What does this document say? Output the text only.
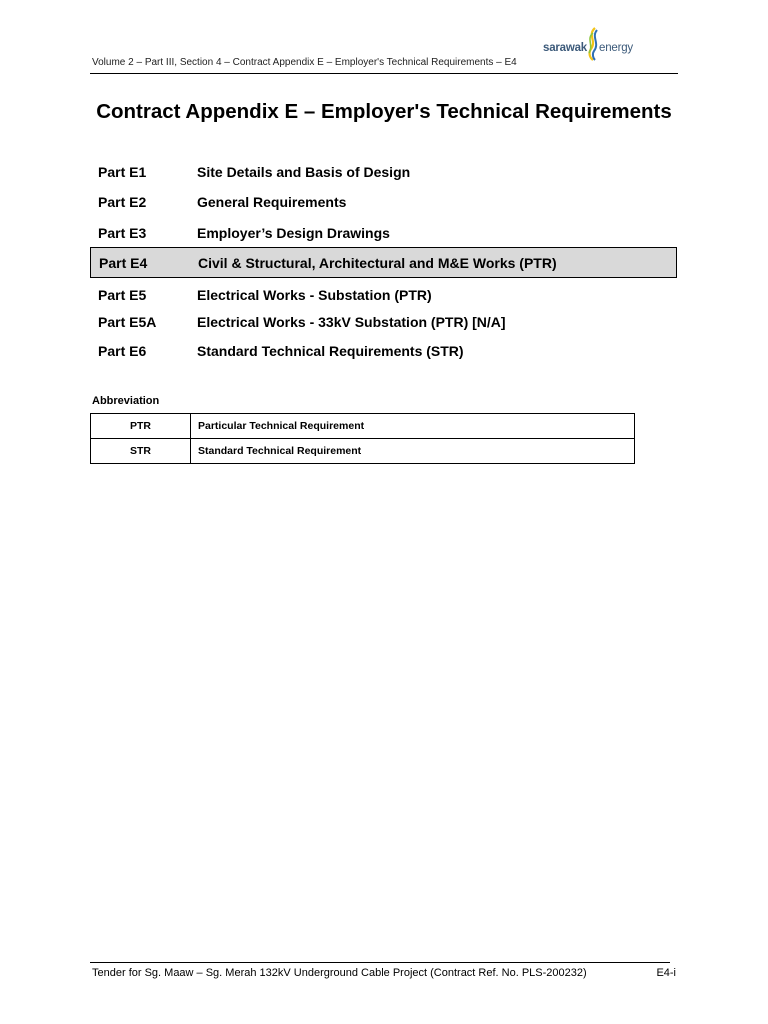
sarawak energy
Volume 2 – Part III, Section 4 – Contract Appendix E – Employer's Technical Requirements – E4
Contract Appendix E – Employer's Technical Requirements
Part E1	Site Details and Basis of Design
Part E2	General Requirements
Part E3	Employer’s Design Drawings
Part E4	Civil & Structural, Architectural and M&E Works (PTR)
Part E5	Electrical Works - Substation (PTR)
Part E5A	Electrical Works - 33kV Substation (PTR) [N/A]
Part E6	Standard Technical Requirements (STR)
Abbreviation
PTR	Particular Technical Requirement
STR	Standard Technical Requirement
Tender for Sg. Maaw – Sg. Merah 132kV Underground Cable Project (Contract Ref. No. PLS-200232)	E4-i
